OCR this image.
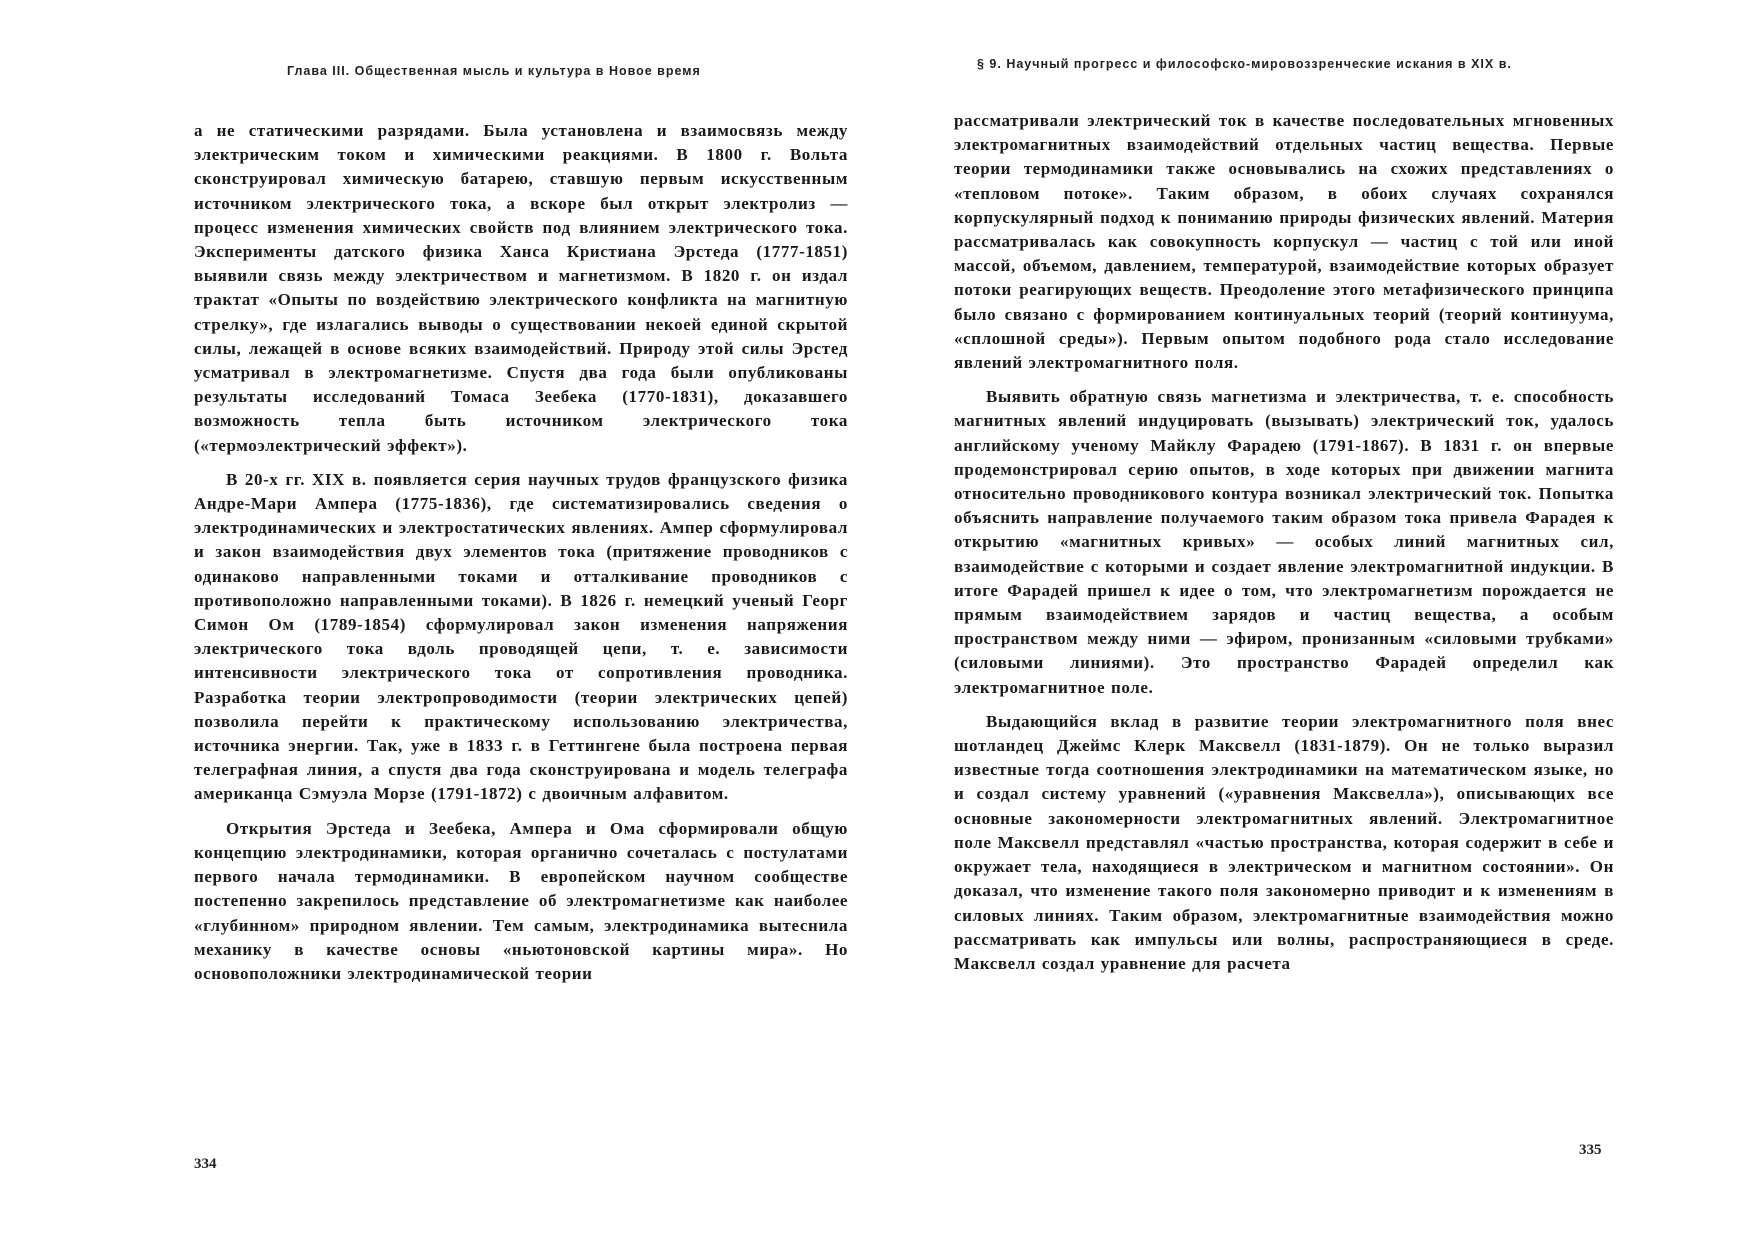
Глава III. Общественная мысль и культура в Новое время

а не статическими разрядами. Была установлена и взаимосвязь между электрическим током и химическими реакциями. В 1800 г. Вольта сконструировал химическую батарею, ставшую первым искусственным источником электрического тока, а вскоре был открыт электролиз — процесс изменения химических свойств под влиянием электрического тока. Эксперименты датского физика Ханса Кристиана Эрстеда (1777-1851) выявили связь между электричеством и магнетизмом. В 1820 г. он издал трактат «Опыты по воздействию электрического конфликта на магнитную стрелку», где излагались выводы о существовании некоей единой скрытой силы, лежащей в основе всяких взаимодействий. Природу этой силы Эрстед усматривал в электромагнетизме. Спустя два года были опубликованы результаты исследований Томаса Зеебека (1770-1831), доказавшего возможность тепла быть источником электрического тока («термоэлектрический эффект»).

В 20-х гг. XIX в. появляется серия научных трудов французского физика Андре-Мари Ампера (1775-1836), где систематизировались сведения о электродинамических и электростатических явлениях. Ампер сформулировал и закон взаимодействия двух элементов тока (притяжение проводников с одинаково направленными токами и отталкивание проводников с противоположно направленными токами). В 1826 г. немецкий ученый Георг Симон Ом (1789-1854) сформулировал закон изменения напряжения электрического тока вдоль проводящей цепи, т. е. зависимости интенсивности электрического тока от сопротивления проводника. Разработка теории электропроводимости (теории электрических цепей) позволила перейти к практическому использованию электричества, источника энергии. Так, уже в 1833 г. в Геттингене была построена первая телеграфная линия, а спустя два года сконструирована и модель телеграфа американца Сэмуэла Морзе (1791-1872) с двоичным алфавитом.

Открытия Эрстеда и Зеебека, Ампера и Ома сформировали общую концепцию электродинамики, которая органично сочеталась с постулатами первого начала термодинамики. В европейском научном сообществе постепенно закрепилось представление об электромагнетизме как наиболее «глубинном» природном явлении. Тем самым, электродинамика вытеснила механику в качестве основы «ньютоновской картины мира». Но основоположники электродинамической теории

334
§ 9. Научный прогресс и философско-мировоззренческие искания в XIX в.

рассматривали электрический ток в качестве последовательных мгновенных электромагнитных взаимодействий отдельных частиц вещества. Первые теории термодинамики также основывались на схожих представлениях о «тепловом потоке». Таким образом, в обоих случаях сохранялся корпускулярный подход к пониманию природы физических явлений. Материя рассматривалась как совокупность корпускул — частиц с той или иной массой, объемом, давлением, температурой, взаимодействие которых образует потоки реагирующих веществ. Преодоление этого метафизического принципа было связано с формированием континуальных теорий (теорий континуума, «сплошной среды»). Первым опытом подобного рода стало исследование явлений электромагнитного поля.

Выявить обратную связь магнетизма и электричества, т. е. способность магнитных явлений индуцировать (вызывать) электрический ток, удалось английскому ученому Майклу Фарадею (1791-1867). В 1831 г. он впервые продемонстрировал серию опытов, в ходе которых при движении магнита относительно проводникового контура возникал электрический ток. Попытка объяснить направление получаемого таким образом тока привела Фарадея к открытию «магнитных кривых» — особых линий магнитных сил, взаимодействие с которыми и создает явление электромагнитной индукции. В итоге Фарадей пришел к идее о том, что электромагнетизм порождается не прямым взаимодействием зарядов и частиц вещества, а особым пространством между ними — эфиром, пронизанным «силовыми трубками» (силовыми линиями). Это пространство Фарадей определил как электромагнитное поле.

Выдающийся вклад в развитие теории электромагнитного поля внес шотландец Джеймс Клерк Максвелл (1831-1879). Он не только выразил известные тогда соотношения электродинамики на математическом языке, но и создал систему уравнений («уравнения Максвелла»), описывающих все основные закономерности электромагнитных явлений. Электромагнитное поле Максвелл представлял «частью пространства, которая содержит в себе и окружает тела, находящиеся в электрическом и магнитном состоянии». Он доказал, что изменение такого поля закономерно приводит и к изменениям в силовых линиях. Таким образом, электромагнитные взаимодействия можно рассматривать как импульсы или волны, распространяющиеся в среде. Максвелл создал уравнение для расчета

335
